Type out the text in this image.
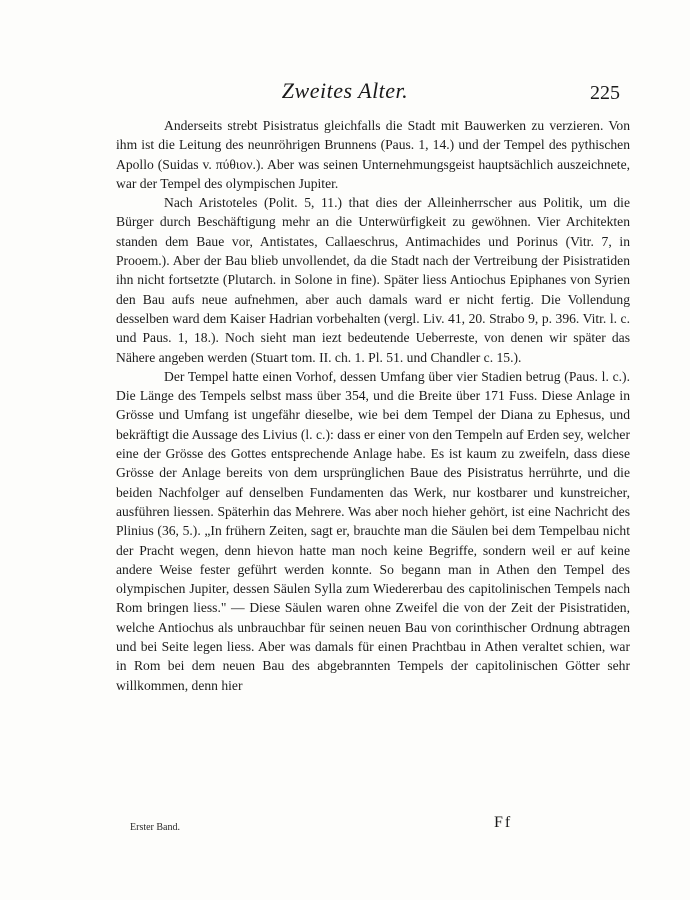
Zweites Alter.	225

Anderseits strebt Pisistratus gleichfalls die Stadt mit Bauwerken zu verzieren. Von ihm ist die Leitung des neunröhrigen Brunnens (Paus. 1, 14.) und der Tempel des pythischen Apollo (Suidas v. πύθιον.). Aber was seinen Unternehmungsgeist hauptsächlich auszeichnete, war der Tempel des olympischen Jupiter.

Nach Aristoteles (Polit. 5, 11.) that dies der Alleinherrscher aus Politik, um die Bürger durch Beschäftigung mehr an die Unterwürfigkeit zu gewöhnen. Vier Architekten standen dem Baue vor, Antistates, Callaeschrus, Antimachides und Porinus (Vitr. 7, in Prooem.). Aber der Bau blieb unvollendet, da die Stadt nach der Vertreibung der Pisistratiden ihn nicht fortsetzte (Plutarch. in Solone in fine). Später liess Antiochus Epiphanes von Syrien den Bau aufs neue aufnehmen, aber auch damals ward er nicht fertig. Die Vollendung desselben ward dem Kaiser Hadrian vorbehalten (vergl. Liv. 41, 20. Strabo 9, p. 396. Vitr. l. c. und Paus. 1, 18.). Noch sieht man iezt bedeutende Ueberreste, von denen wir später das Nähere angeben werden (Stuart tom. II. ch. 1. Pl. 51. und Chandler c. 15.).

Der Tempel hatte einen Vorhof, dessen Umfang über vier Stadien betrug (Paus. l. c.). Die Länge des Tempels selbst mass über 354, und die Breite über 171 Fuss. Diese Anlage in Grösse und Umfang ist ungefähr dieselbe, wie bei dem Tempel der Diana zu Ephesus, und bekräftigt die Aussage des Livius (l. c.): dass er einer von den Tempeln auf Erden sey, welcher eine der Grösse des Gottes entsprechende Anlage habe. Es ist kaum zu zweifeln, dass diese Grösse der Anlage bereits von dem ursprünglichen Baue des Pisistratus herrührte, und die beiden Nachfolger auf denselben Fundamenten das Werk, nur kostbarer und kunstreicher, ausführen liessen. Späterhin das Mehrere. Was aber noch hieher gehört, ist eine Nachricht des Plinius (36, 5.). „In frühern Zeiten, sagt er, brauchte man die Säulen bei dem Tempelbau nicht der Pracht wegen, denn hievon hatte man noch keine Begriffe, sondern weil er auf keine andere Weise fester geführt werden konnte. So begann man in Athen den Tempel des olympischen Jupiter, dessen Säulen Sylla zum Wiedererbau des capitolinischen Tempels nach Rom bringen liess." — Diese Säulen waren ohne Zweifel die von der Zeit der Pisistratiden, welche Antiochus als unbrauchbar für seinen neuen Bau von corinthischer Ordnung abtragen und bei Seite legen liess. Aber was damals für einen Prachtbau in Athen veraltet schien, war in Rom bei dem neuen Bau des abgebrannten Tempels der capitolinischen Götter sehr willkommen, denn hier

Erster Band.	Ff
